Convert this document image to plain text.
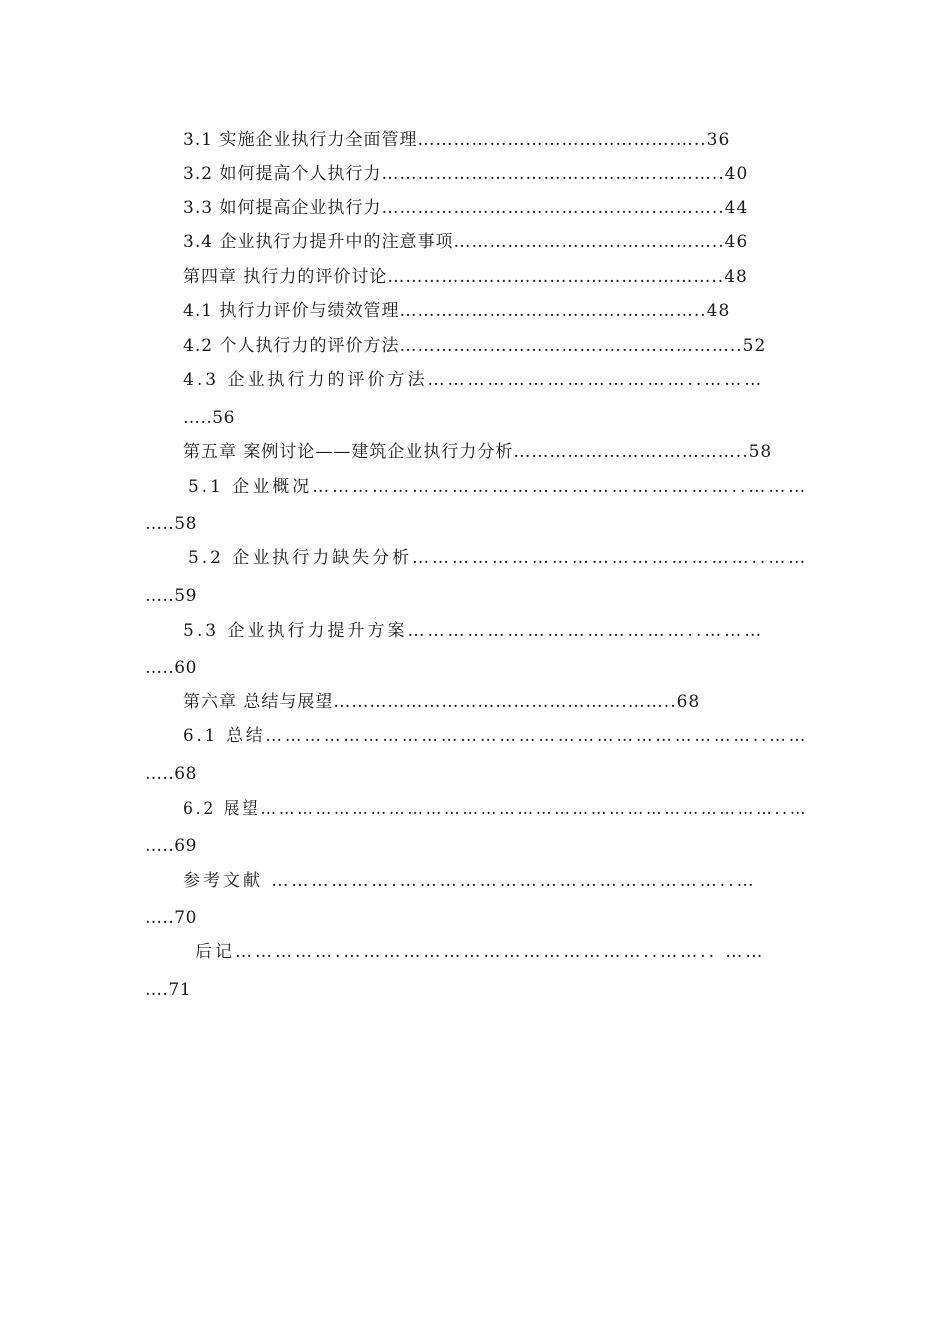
3.1 实施企业执行力全面管理…………………………………….…..36
3.2 如何提高个人执行力……………………………………….………..40
3.3 如何提高企业执行力……………………………………….………..44
3.4 企业执行力提升中的注意事项……………………….……………..46
第四章 执行力的评价讨论………………………………………………..48
4.1 执行力评价与绩效管理……………………………….…………..48
4.2 个人执行力的评价方法…………………………….…………………..52
4.3 企业执行力的评价方法…………………………………..………
…..56
第五章 案例讨论——建筑企业执行力分析…………………….…………..58
5.1 企业概况………………………………………………………..………
…..58
5.2 企业执行力缺失分析……………………………………………..……
…..59
5.3 企业执行力提升方案……………………………………..………
…..60
第六章 总结与展望………………………………………….……..68
6.1 总结…………………………………………………………………..……
…..68
6.2 展望…………………………………………………………………………..…
…..69
参考文献 ……………….…………………………………………..…
…..70
后记…………….………………………………………..…….. ……
….71
